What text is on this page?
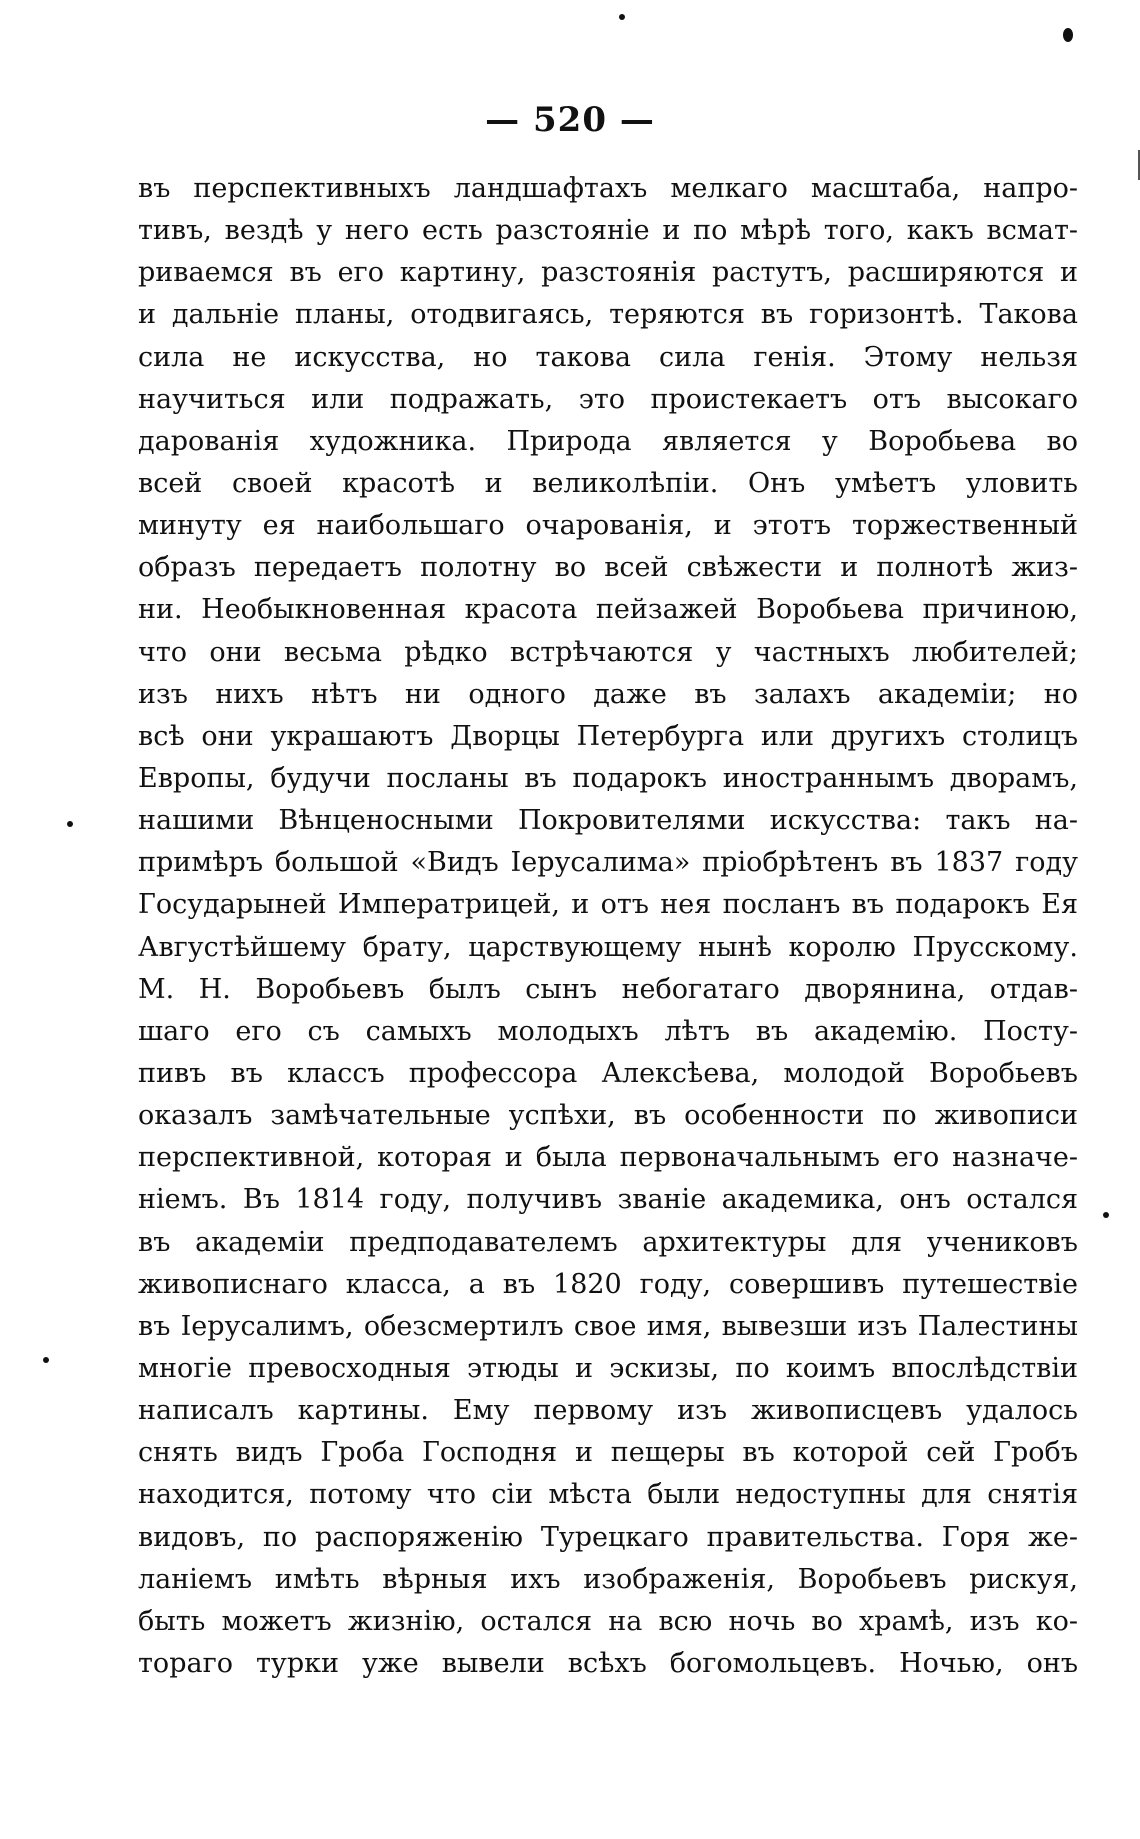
— 520 —
въ перспективныхъ ландшафтахъ мелкаго масштаба, напро-
тивъ, вездѣ у него есть разстояніе и по мѣрѣ того, какъ всмат-
риваемся въ его картину, разстоянія растутъ, расширяются и
и дальніе планы, отодвигаясь, теряются въ горизонтѣ. Такова
сила не искусства, но такова сила генія. Этому нельзя
научиться или подражать, это проистекаетъ отъ высокаго
дарованія художника. Природа является у Воробьева во
всей своей красотѣ и великолѣпіи. Онъ умѣетъ уловить
минуту ея наибольшаго очарованія, и этотъ торжественный
образъ передаетъ полотну во всей свѣжести и полнотѣ жиз-
ни. Необыкновенная красота пейзажей Воробьева причиною,
что они весьма рѣдко встрѣчаются у частныхъ любителей;
изъ нихъ нѣтъ ни одного даже въ залахъ академіи; но
всѣ они украшаютъ Дворцы Петербурга или другихъ столицъ
Европы, будучи посланы въ подарокъ иностраннымъ дворамъ,
нашими Вѣнценосными Покровителями искусства: такъ на-
примѣръ большой «Видъ Іерусалима» пріобрѣтенъ въ 1837 году
Государыней Императрицей, и отъ нея посланъ въ подарокъ Ея
Августѣйшему брату, царствующему нынѣ королю Прусскому.
М. Н. Воробьевъ былъ сынъ небогатаго дворянина, отдав-
шаго его съ самыхъ молодыхъ лѣтъ въ академію. Посту-
пивъ въ классъ профессора Алексѣева, молодой Воробьевъ
оказалъ замѣчательные успѣхи, въ особенности по живописи
перспективной, которая и была первоначальнымъ его назначе-
ніемъ. Въ 1814 году, получивъ званіе академика, онъ остался
въ академіи предподавателемъ архитектуры для учениковъ
живописнаго класса, а въ 1820 году, совершивъ путешествіе
въ Іерусалимъ, обезсмертилъ свое имя, вывезши изъ Палестины
многіе превосходныя этюды и эскизы, по коимъ впослѣдствіи
написалъ картины. Ему первому изъ живописцевъ удалось
снять видъ Гроба Господня и пещеры въ которой сей Гробъ
находится, потому что сіи мѣста были недоступны для снятія
видовъ, по распоряженію Турецкаго правительства. Горя же-
ланіемъ имѣть вѣрныя ихъ изображенія, Воробьевъ рискуя,
быть можетъ жизнію, остался на всю ночь во храмѣ, изъ ко-
тораго турки уже вывели всѣхъ богомольцевъ. Ночью, онъ
